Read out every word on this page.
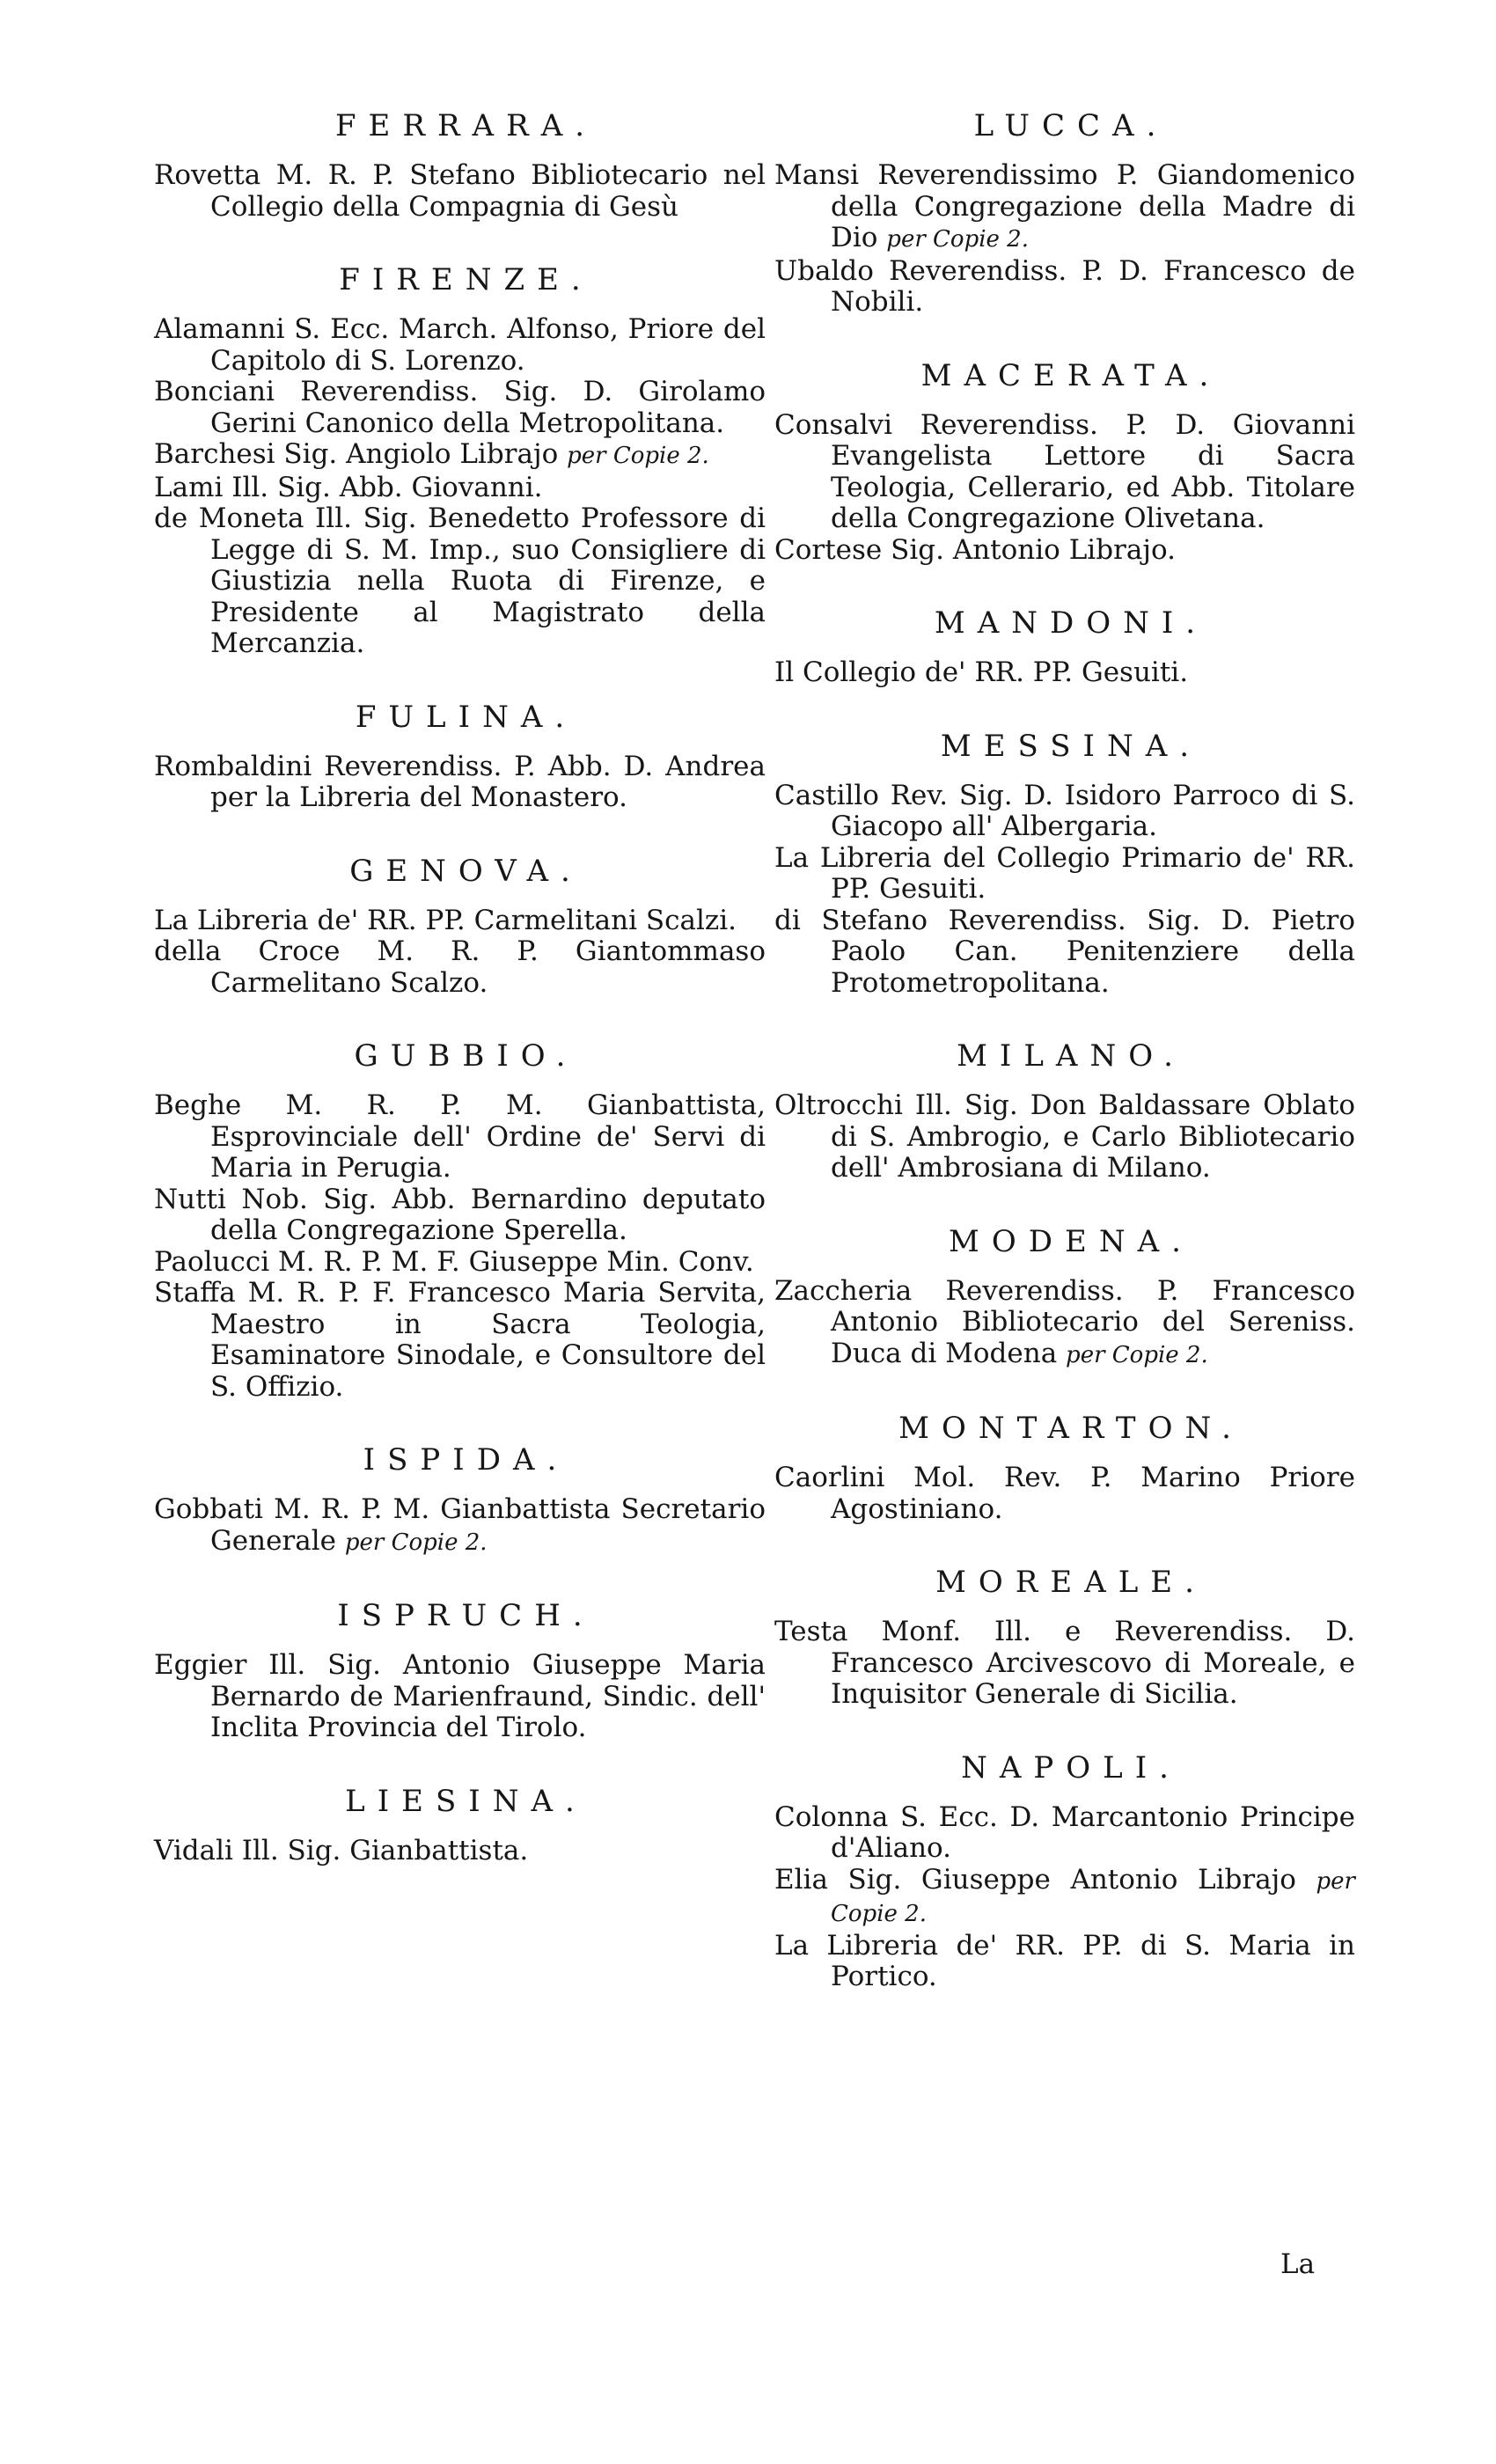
FERRARA.

Rovetta M. R. P. Stefano Bibliotecario nel Collegio della Compagnia di Gesù

FIRENZE.

Alamanni S. Ecc. March. Alfonso, Priore del Capitolo di S. Lorenzo.

Bonciani Reverendiss. Sig. D. Girolamo Gerini Canonico della Metropolitana.

Barchesi Sig. Angiolo Librajo per Copie 2.

Lami Ill. Sig. Abb. Giovanni.

de Moneta Ill. Sig. Benedetto Professore di Legge di S. M. Imp., suo Consigliere di Giustizia nella Ruota di Firenze, e Presidente al Magistrato della Mercanzia.

FULINA.

Rombaldini Reverendiss. P. Abb. D. Andrea per la Libreria del Monastero.

GENOVA.

La Libreria de' RR. PP. Carmelitani Scalzi.

della Croce M. R. P. Giantommaso Carmelitano Scalzo.

GUBBIO.

Beghe M. R. P. M. Gianbattista, Esprovinciale dell' Ordine de' Servi di Maria in Perugia.

Nutti Nob. Sig. Abb. Bernardino deputato della Congregazione Sperella.

Paolucci M. R. P. M. F. Giuseppe Min. Conv.

Staffa M. R. P. F. Francesco Maria Servita, Maestro in Sacra Teologia, Esaminatore Sinodale, e Consultore del S. Offizio.

ISPIDA.

Gobbati M. R. P. M. Gianbattista Secretario Generale per Copie 2.

ISPRUCH.

Eggier Ill. Sig. Antonio Giuseppe Maria Bernardo de Marienfraund, Sindic. dell' Inclita Provincia del Tirolo.

LIESINA.

Vidali Ill. Sig. Gianbattista.

LUCCA.

Mansi Reverendissimo P. Giandomenico della Congregazione della Madre di Dio per Copie 2.

Ubaldo Reverendiss. P. D. Francesco de Nobili.

MACERATA.

Consalvi Reverendiss. P. D. Giovanni Evangelista Lettore di Sacra Teologia, Cellerario, ed Abb. Titolare della Congregazione Olivetana.

Cortese Sig. Antonio Librajo.

MANDONI.

Il Collegio de' RR. PP. Gesuiti.

MESSINA.

Castillo Rev. Sig. D. Isidoro Parroco di S. Giacopo all' Albergaria.

La Libreria del Collegio Primario de' RR. PP. Gesuiti.

di Stefano Reverendiss. Sig. D. Pietro Paolo Can. Penitenziere della Protometropolitana.

MILANO.

Oltrocchi Ill. Sig. Don Baldassare Oblato di S. Ambrogio, e Carlo Bibliotecario dell' Ambrosiana di Milano.

MODENA.

Zaccheria Reverendiss. P. Francesco Antonio Bibliotecario del Sereniss. Duca di Modena per Copie 2.

MONTARTON.

Caorlini Mol. Rev. P. Marino Priore Agostiniano.

MOREALE.

Testa Monf. Ill. e Reverendiss. D. Francesco Arcivescovo di Moreale, e Inquisitor Generale di Sicilia.

NAPOLI.

Colonna S. Ecc. D. Marcantonio Principe d'Aliano.

Elia Sig. Giuseppe Antonio Librajo per Copie 2.

La Libreria de' RR. PP. di S. Maria in Portico.

La
